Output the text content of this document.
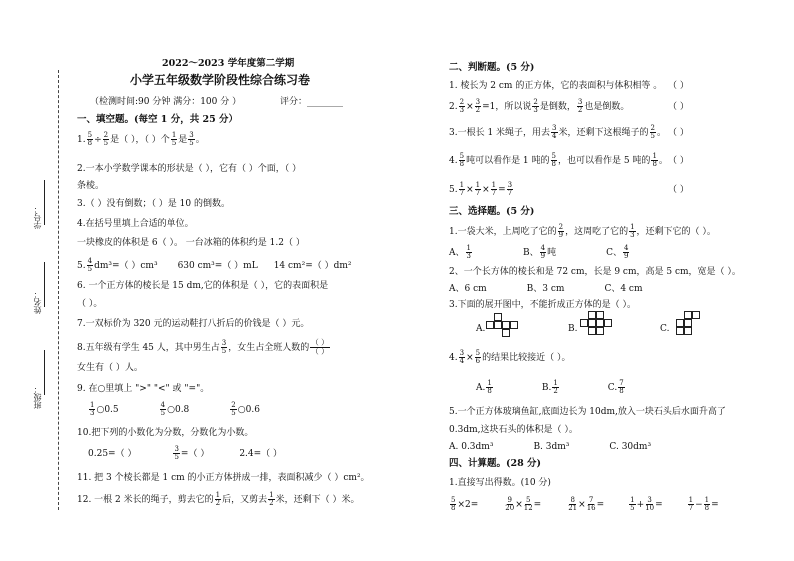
学号：
姓名：
班级：
2022～2023 学年度第二学期
小学五年级数学阶段性综合练习卷
（检测时间:90 分钟 满分：100 分 ）	评分：________
一、填空题。(每空 1 分，共 25 分）
1. $\frac{5}{8} \div \frac{2}{5}$ 是（ ），（ ）个 $\frac{1}{5}$ 是 $\frac{3}{5}$ 。
2.一本小学数学课本的形状是（ ），它有（ ）个面，（ ）
条棱。
3.（ ）没有倒数；（ ）是 10 的倒数。
4.在括号里填上合适的单位。
一块橡皮的体积是 6（ ）。 一台冰箱的体积约是 1.2（ ）
5. $\frac{4}{5} dm^3=$（ ）cm³ 630 cm³=（ ）mL 14 cm²=（ ）dm²
6. 一个正方体的棱长是 15 dm,它的体积是（ ），它的表面积是
（ ）。
7.一双标价为 320 元的运动鞋打八折后的价钱是（ ）元。
8.五年级有学生 45 人，其中男生占 $\frac{3}{5}$ ，女生占全班人数的
（ ）
（ ）
女生有（ ）人。
9. 在○里填上 ">" "<" 或 "="。
$\frac{1}{3}$ ○0.5	$\frac{4}{5}$ ○0.8	$\frac{2}{5}$ ○0.6
10.把下列的小数化为分数，分数化为小数。
0.25=（ ）	$\frac{3}{5}$ =（ ）	2.4=（ ）
11. 把 3 个棱长都是 1 cm 的小正方体拼成一排，表面积减少（ ）cm²。
12. 一根 2 米长的绳子，剪去它的 $\frac{1}{2}$ 后，又剪去 $\frac{1}{2}$ 米，还剩下（ ）米。
二、判断题。(5 分)
1. 棱长为 2 cm 的正方体，它的表面积与体积相等 。 （ ）
2. $\frac{2}{3} \times \frac{3}{2} =1$，所以说 $\frac{2}{3}$ 是倒数， $\frac{3}{2}$ 也是倒数。	（ ）
3.一根长 1 米绳子，用去 $\frac{3}{4}$ 米，还剩下这根绳子的 $\frac{2}{5}$ 。 （ ）
4. $\frac{5}{8}$ 吨可以看作是 1 吨的 $\frac{5}{8}$ ，也可以看作是 5 吨的 $\frac{1}{8}$ 。 （ ）
5. $\frac{1}{7} \times \frac{1}{7} \times \frac{1}{7} = \frac{3}{7}$	（ ）
三、选择题。(5 分)
1.一袋大米，上周吃了它的 $\frac{2}{9}$ ，这周吃了它的 $\frac{1}{3}$ ，还剩下它的（ ）。
A、 $\frac{1}{3}$	B、 $\frac{4}{9}$ 吨	C、 $\frac{4}{9}$
2、一个长方体的棱长和是 72 cm，长是 9 cm，高是 5 cm，宽是（ ）。
A、6 cm	B、3 cm	C、4 cm
3.下面的展开图中，不能折成正方体的是（ ）。
A.	B.	C.
4. $\frac{3}{4} \times \frac{5}{6}$ 的结果比较接近（ ）。
A. $\frac{1}{8}$	B. $\frac{1}{2}$	C. $\frac{7}{8}$
5.一个正方体玻璃鱼缸,底面边长为 10dm,放入一块石头后水面升高了
0.3dm,这块石头的体积是（ ）。
A. 0.3dm³	B. 3dm³	C. 30dm³
四、计算题。(28 分)
1.直接写出得数。(10 分)
$\frac{5}{8} \times 2=$	$\frac{9}{20} \times \frac{5}{12}$ =	$\frac{8}{21} \times \frac{7}{16}$ =	$\frac{1}{5} + \frac{3}{10}$ =	$\frac{1}{7} - \frac{1}{8}$ =
